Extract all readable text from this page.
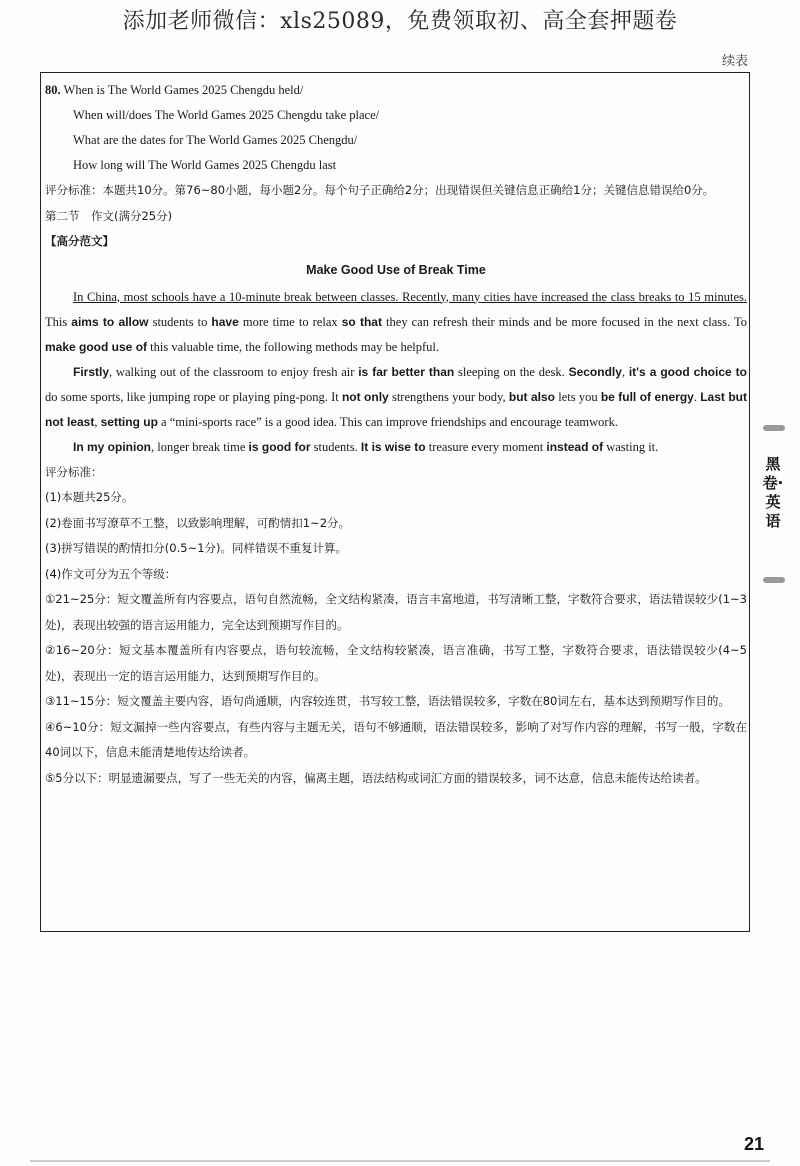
添加老师微信：xls25089，免费领取初、高全套押题卷
续表
80. When is The World Games 2025 Chengdu held/
When will/does The World Games 2025 Chengdu take place/
What are the dates for The World Games 2025 Chengdu/
How long will The World Games 2025 Chengdu last
评分标准：本题共10分。第76~80小题，每小题2分。每个句子正确给2分；出现错误但关键信息正确给1分；关键信息错误给0分。
第二节　作文(满分25分)
【高分范文】
Make Good Use of Break Time
In China, most schools have a 10-minute break between classes. Recently, many cities have increased the class breaks to 15 minutes. This aims to allow students to have more time to relax so that they can refresh their minds and be more focused in the next class. To make good use of this valuable time, the following methods may be helpful.
Firstly, walking out of the classroom to enjoy fresh air is far better than sleeping on the desk. Secondly, it's a good choice to do some sports, like jumping rope or playing ping-pong. It not only strengthens your body, but also lets you be full of energy. Last but not least, setting up a “mini-sports race” is a good idea. This can improve friendships and encourage teamwork.
In my opinion, longer break time is good for students. It is wise to treasure every moment instead of wasting it.
评分标准：
(1)本题共25分。
(2)卷面书写潦草不工整，以致影响理解，可酌情扣1~2分。
(3)拼写错误的酌情扣分(0.5~1分)。同样错误不重复计算。
(4)作文可分为五个等级：
①21~25分：短文覆盖所有内容要点，语句自然流畅，全文结构紧凑，语言丰富地道，书写清晰工整，字数符合要求，语法错误较少(1~3处)，表现出较强的语言运用能力，完全达到预期写作目的。
②16~20分：短文基本覆盖所有内容要点，语句较流畅，全文结构较紧凑，语言准确，书写工整，字数符合要求，语法错误较少(4~5处)，表现出一定的语言运用能力，达到预期写作目的。
③11~15分：短文覆盖主要内容，语句尚通顺，内容较连贯，书写较工整，语法错误较多，字数在80词左右，基本达到预期写作目的。
④6~10分：短文漏掉一些内容要点，有些内容与主题无关，语句不够通顺，语法错误较多，影响了对写作内容的理解，书写一般，字数在40词以下，信息未能清楚地传达给读者。
⑤5分以下：明显遗漏要点，写了一些无关的内容，偏离主题，语法结构或词汇方面的错误较多，词不达意，信息未能传达给读者。
黑卷·英语
21
